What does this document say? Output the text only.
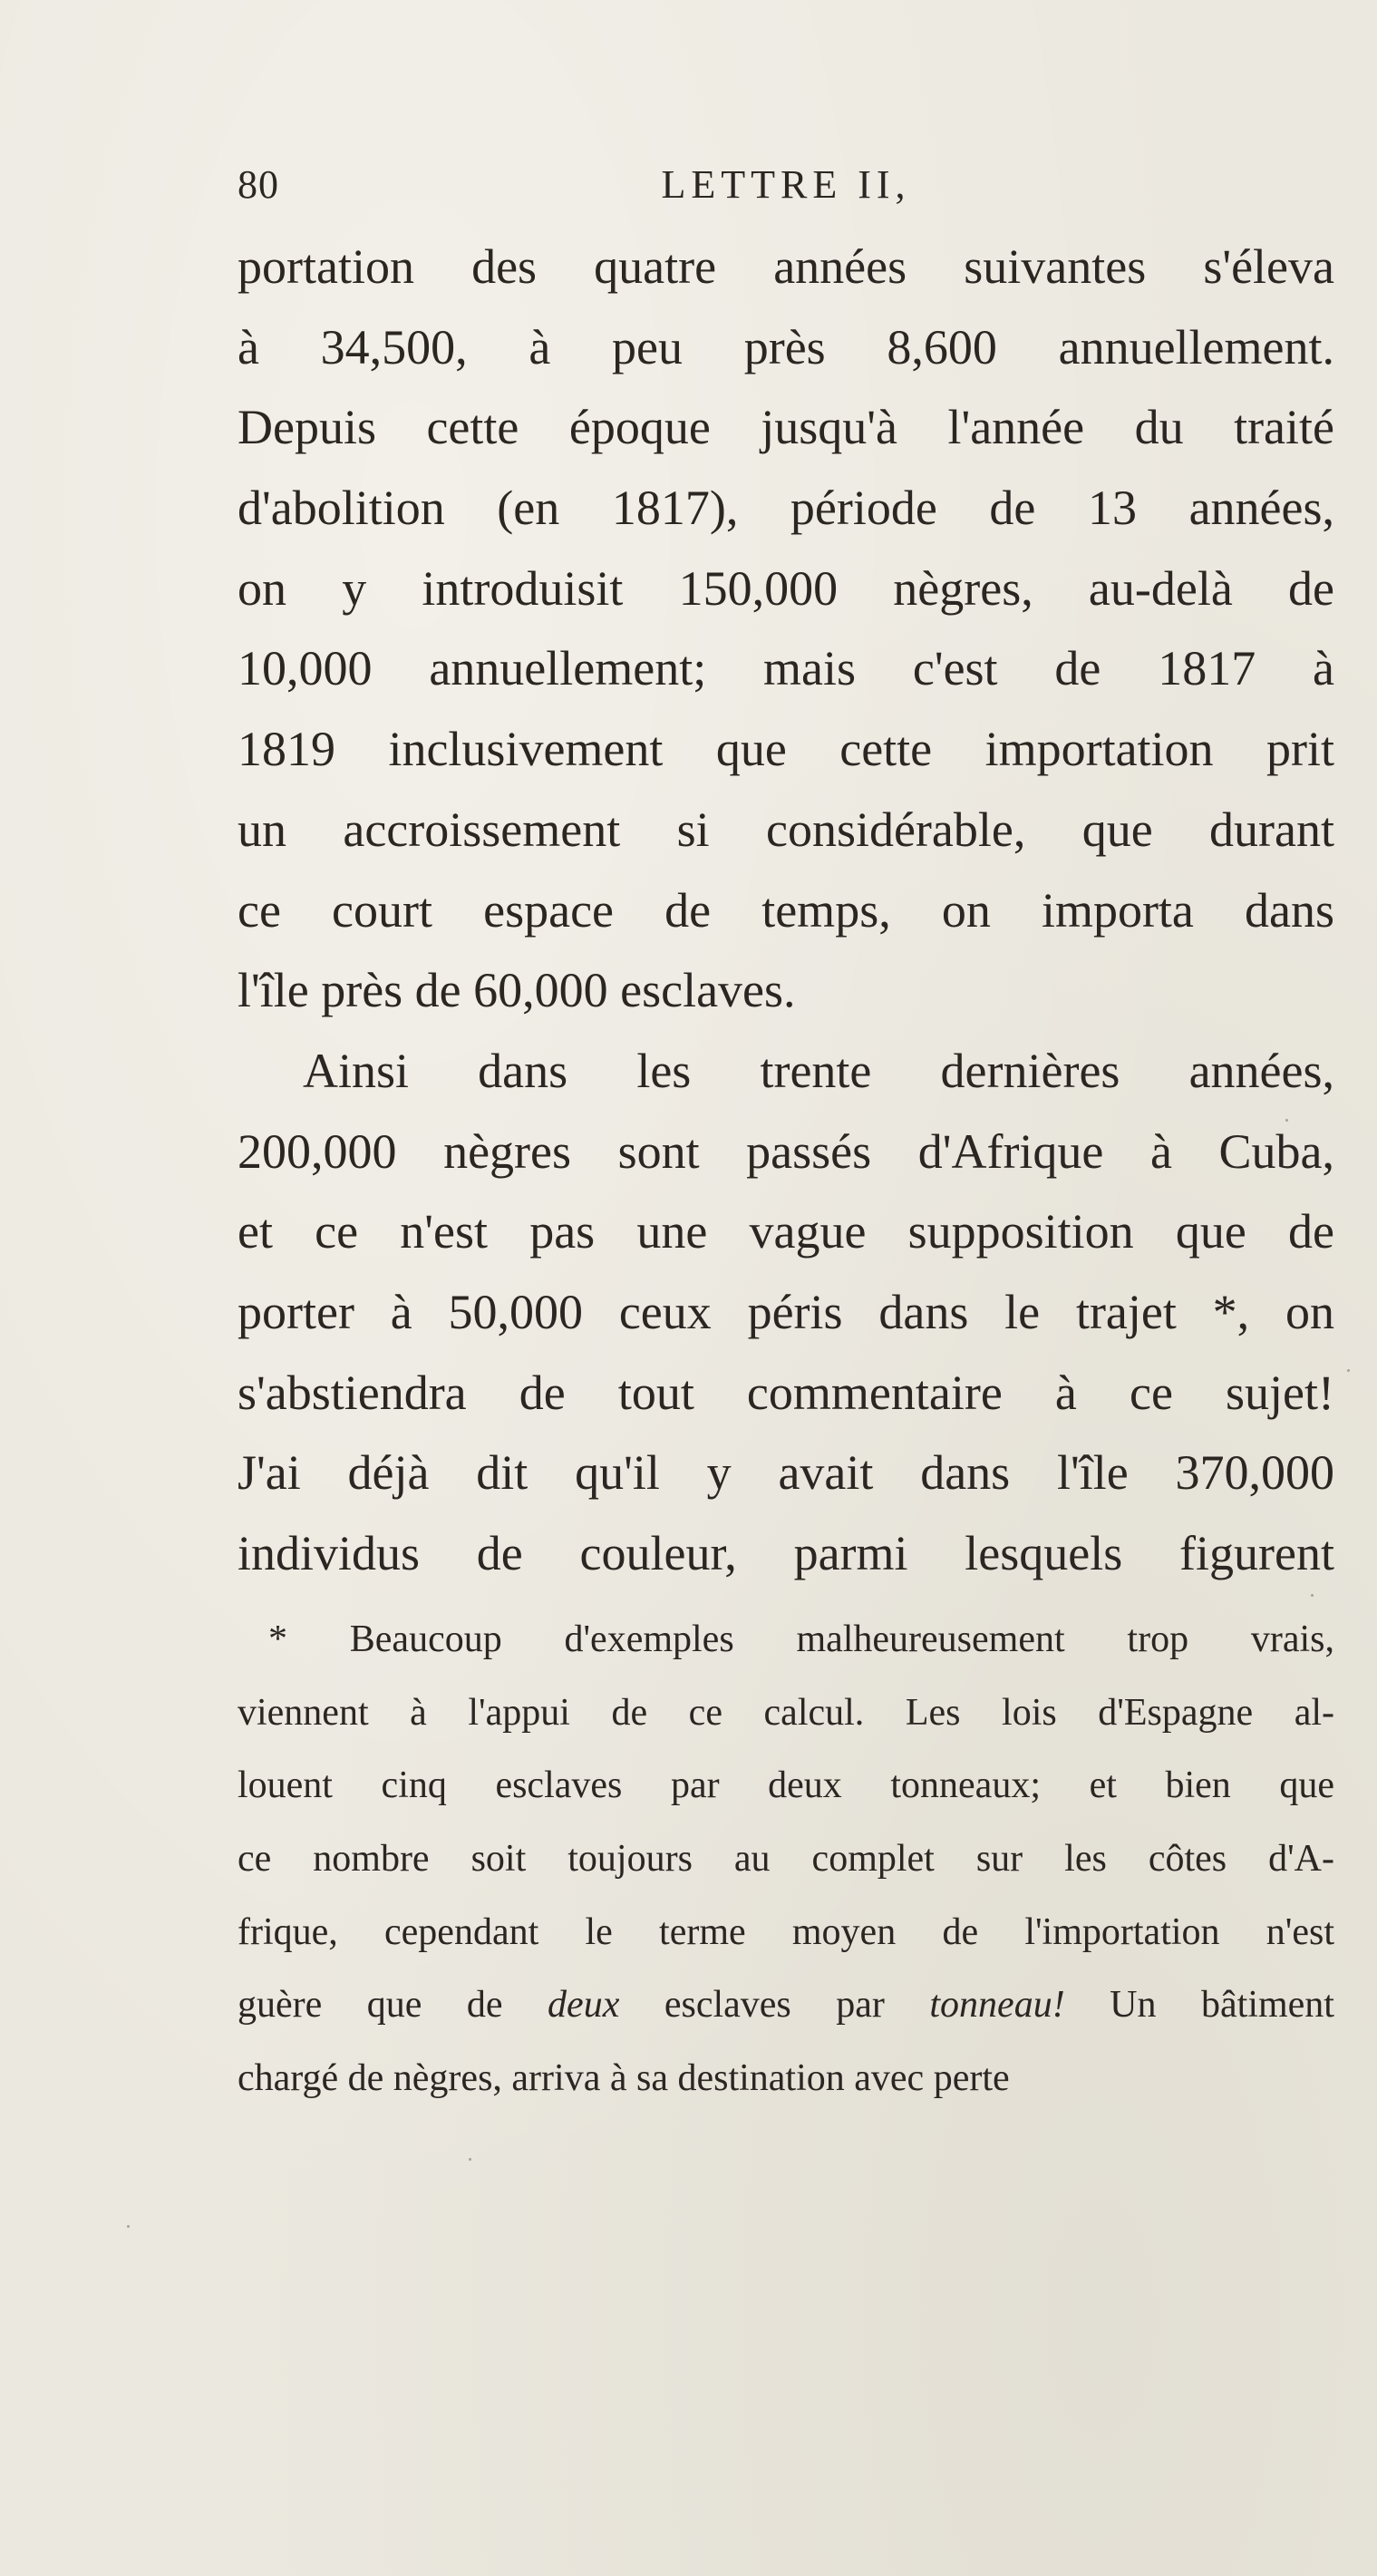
80	LETTRE II,
portation des quatre années suivantes s'éleva
à 34,500, à peu près 8,600 annuellement.
Depuis cette époque jusqu'à l'année du traité
d'abolition (en 1817), période de 13 années,
on y introduisit 150,000 nègres, au-delà de
10,000 annuellement; mais c'est de 1817 à
1819 inclusivement que cette importation prit
un accroissement si considérable, que durant
ce court espace de temps, on importa dans
l'île près de 60,000 esclaves.
Ainsi dans les trente dernières années,
200,000 nègres sont passés d'Afrique à Cuba,
et ce n'est pas une vague supposition que de
porter à 50,000 ceux péris dans le trajet *, on
s'abstiendra de tout commentaire à ce sujet!
J'ai déjà dit qu'il y avait dans l'île 370,000
individus de couleur, parmi lesquels figurent
* Beaucoup d'exemples malheureusement trop vrais,
viennent à l'appui de ce calcul. Les lois d'Espagne al-
louent cinq esclaves par deux tonneaux; et bien que
ce nombre soit toujours au complet sur les côtes d'A-
frique, cependant le terme moyen de l'importation n'est
guère que de deux esclaves par tonneau! Un bâtiment
chargé de nègres, arriva à sa destination avec perte
